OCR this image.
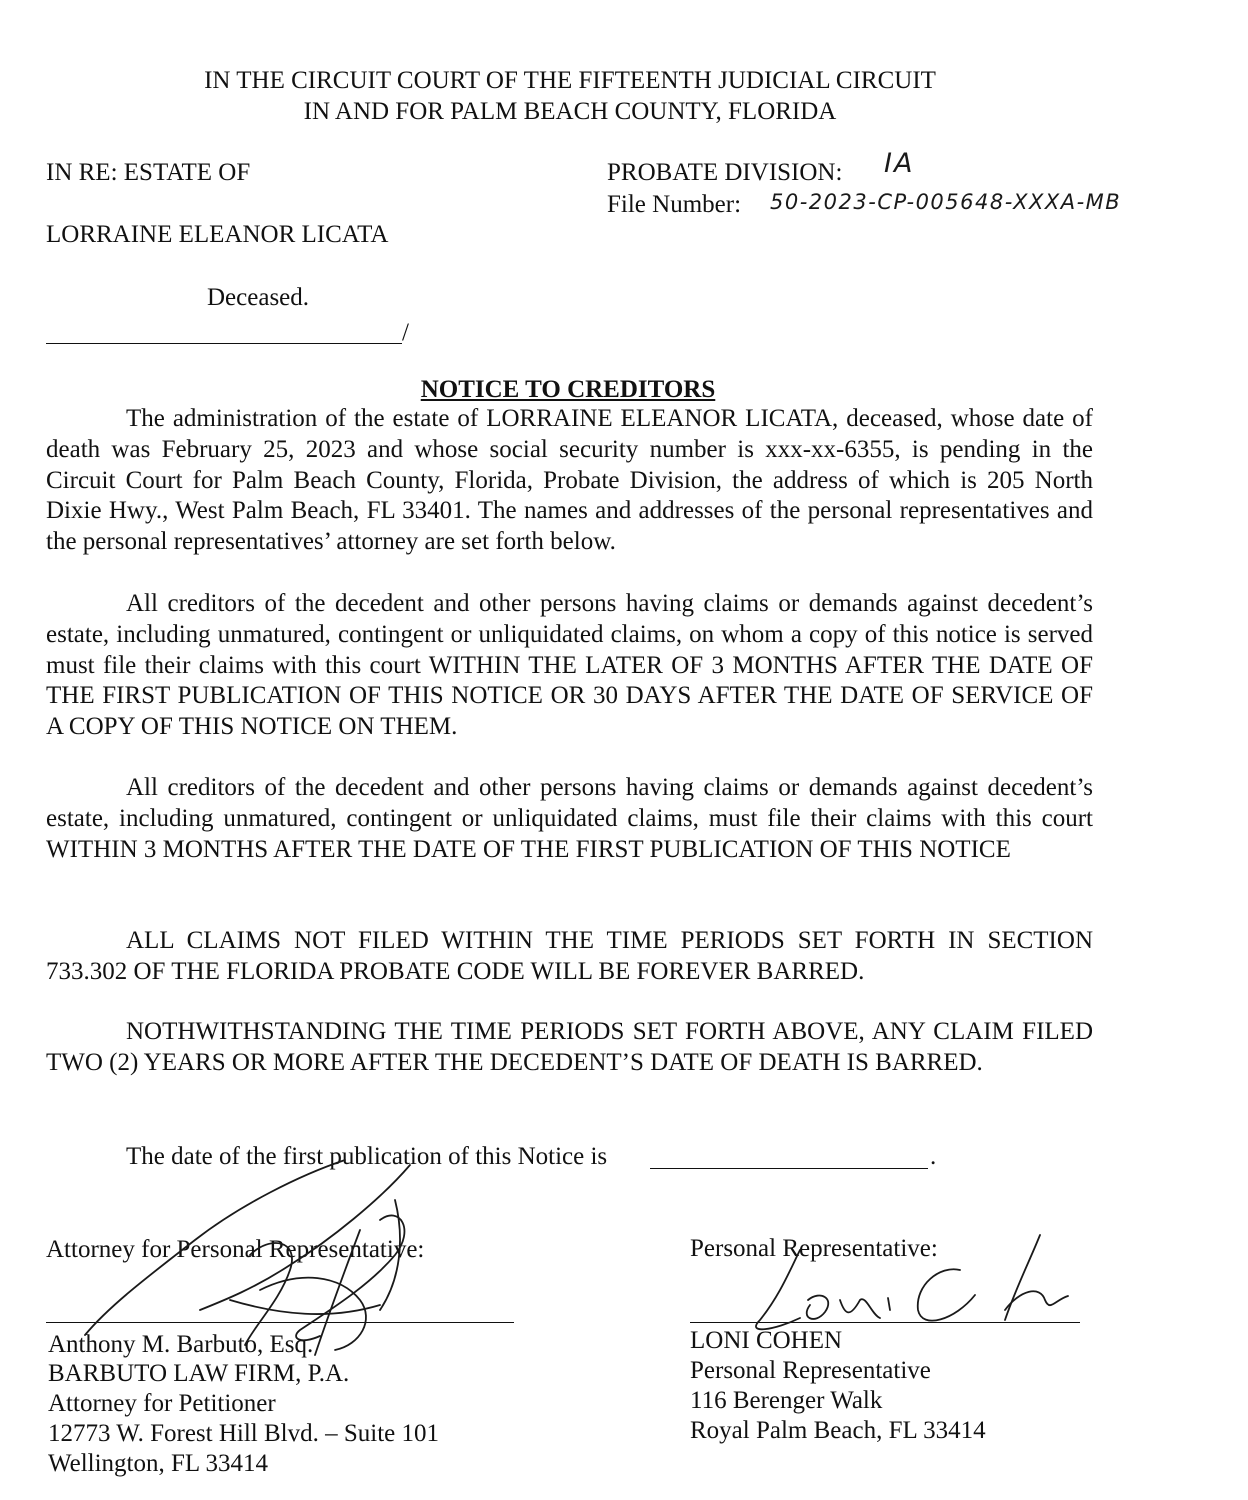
IN THE CIRCUIT COURT OF THE FIFTEENTH JUDICIAL CIRCUIT
IN AND FOR PALM BEACH COUNTY, FLORIDA
IN RE: ESTATE OF
LORRAINE ELEANOR LICATA
Deceased.
/
PROBATE DIVISION: IA
File Number: 50-2023-CP-005648-XXXA-MB
NOTICE TO CREDITORS

The administration of the estate of LORRAINE ELEANOR LICATA, deceased, whose date of death was February 25, 2023 and whose social security number is xxx-xx-6355, is pending in the Circuit Court for Palm Beach County, Florida, Probate Division, the address of which is 205 North Dixie Hwy., West Palm Beach, FL 33401. The names and addresses of the personal representatives and the personal representatives’ attorney are set forth below.

All creditors of the decedent and other persons having claims or demands against decedent’s estate, including unmatured, contingent or unliquidated claims, on whom a copy of this notice is served must file their claims with this court WITHIN THE LATER OF 3 MONTHS AFTER THE DATE OF THE FIRST PUBLICATION OF THIS NOTICE OR 30 DAYS AFTER THE DATE OF SERVICE OF A COPY OF THIS NOTICE ON THEM.

All creditors of the decedent and other persons having claims or demands against decedent’s estate, including unmatured, contingent or unliquidated claims, must file their claims with this court WITHIN 3 MONTHS AFTER THE DATE OF THE FIRST PUBLICATION OF THIS NOTICE

ALL CLAIMS NOT FILED WITHIN THE TIME PERIODS SET FORTH IN SECTION 733.302 OF THE FLORIDA PROBATE CODE WILL BE FOREVER BARRED.

NOTHWITHSTANDING THE TIME PERIODS SET FORTH ABOVE, ANY CLAIM FILED TWO (2) YEARS OR MORE AFTER THE DECEDENT’S DATE OF DEATH IS BARRED.

The date of the first publication of this Notice is	.
Attorney for Personal Representative:
Anthony M. Barbuto, Esq.
BARBUTO LAW FIRM, P.A.
Attorney for Petitioner
12773 W. Forest Hill Blvd. – Suite 101
Wellington, FL 33414
Personal Representative:
LONI COHEN
Personal Representative
116 Berenger Walk
Royal Palm Beach, FL 33414
